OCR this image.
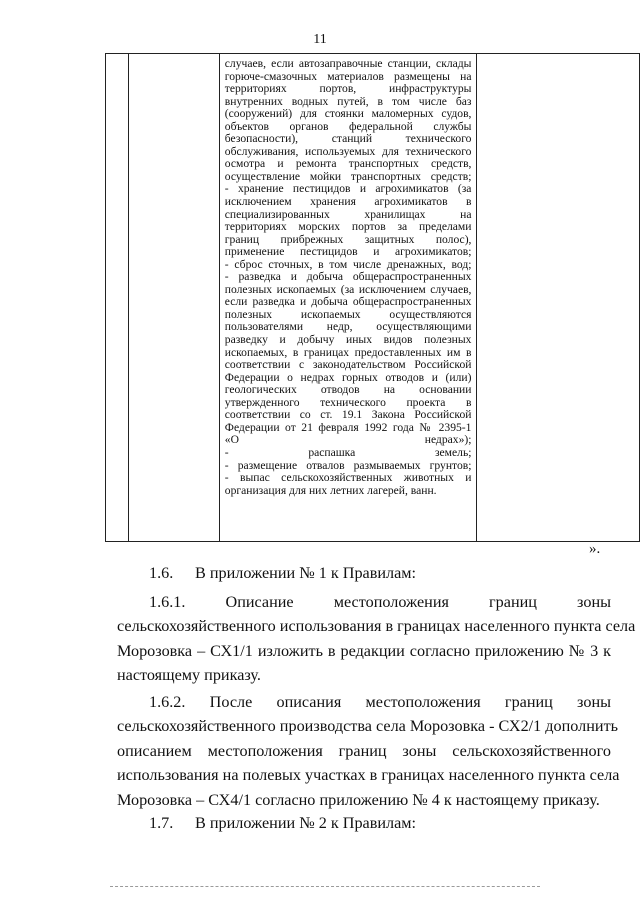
11

случаев, если автозаправочные станции, склады
горюче-смазочных материалов размещены на
территориях портов, инфраструктуры
внутренних водных путей, в том числе баз
(сооружений) для стоянки маломерных судов,
объектов органов федеральной службы
безопасности), станций технического
обслуживания, используемых для технического
осмотра и ремонта транспортных средств,
осуществление мойки транспортных средств;
- хранение пестицидов и агрохимикатов (за
исключением хранения агрохимикатов в
специализированных хранилищах на
территориях морских портов за пределами
границ прибрежных защитных полос),
применение пестицидов и агрохимикатов;
- сброс сточных, в том числе дренажных, вод;
- разведка и добыча общераспространенных
полезных ископаемых (за исключением случаев,
если разведка и добыча общераспространенных
полезных ископаемых осуществляются
пользователями недр, осуществляющими
разведку и добычу иных видов полезных
ископаемых, в границах предоставленных им в
соответствии с законодательством Российской
Федерации о недрах горных отводов и (или)
геологических отводов на основании
утвержденного технического проекта в
соответствии со ст. 19.1 Закона Российской
Федерации от 21 февраля 1992 года № 2395-1
«О недрах»);
- распашка земель;
- размещение отвалов размываемых грунтов;
- выпас сельскохозяйственных животных и
организация для них летних лагерей, ванн.

».
1.6. В приложении № 1 к Правилам:
1.6.1. Описание местоположения границ зоны
сельскохозяйственного использования в границах населенного пункта села
Морозовка – СХ1/1 изложить в редакции согласно приложению № 3 к
настоящему приказу.
1.6.2. После описания местоположения границ зоны
сельскохозяйственного производства села Морозовка - СХ2/1 дополнить
описанием местоположения границ зоны сельскохозяйственного
использования на полевых участках в границах населенного пункта села
Морозовка – СХ4/1 согласно приложению № 4 к настоящему приказу.
1.7. В приложении № 2 к Правилам:
